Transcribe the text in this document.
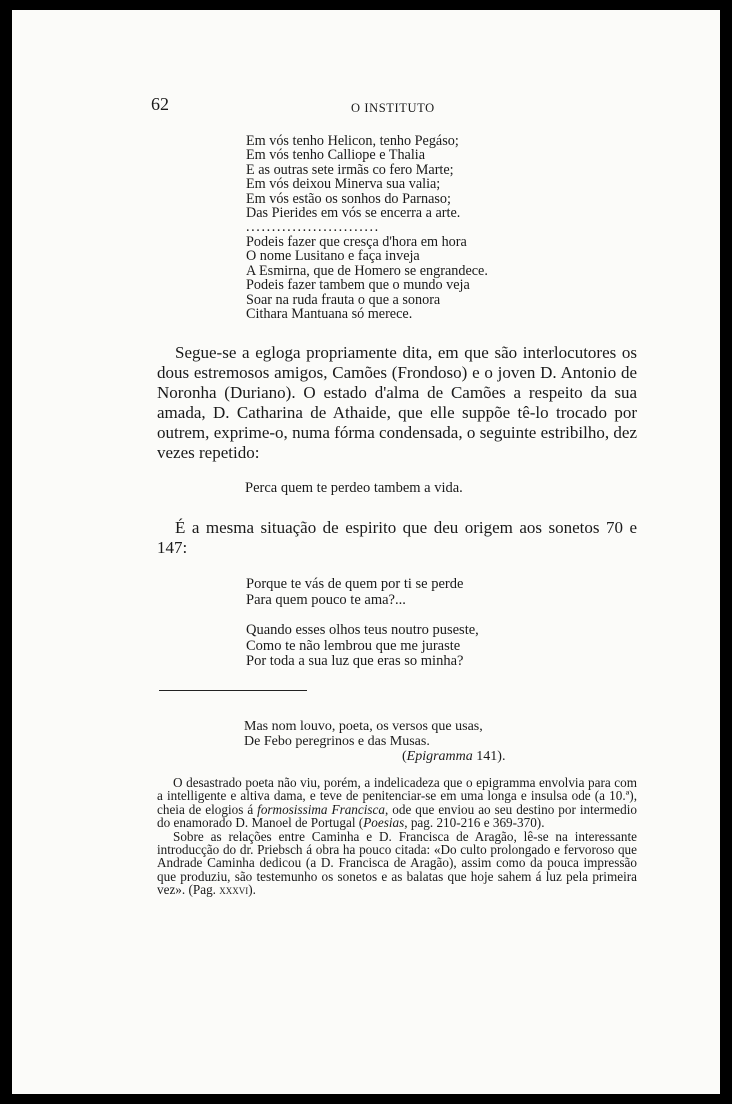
62	O INSTITUTO
Em vós tenho Helicon, tenho Pegáso;
Em vós tenho Calliope e Thalia
E as outras sete irmãs co fero Marte;
Em vós deixou Minerva sua valia;
Em vós estão os sonhos do Parnaso;
Das Pierides em vós se encerra a arte.
..........................
Podeis fazer que cresça d'hora em hora
O nome Lusitano e faça inveja
A Esmirna, que de Homero se engrandece.
Podeis fazer tambem que o mundo veja
Soar na ruda frauta o que a sonora
Cithara Mantuana só merece.

Segue-se a egloga propriamente dita, em que são interlocutores os dous estremosos amigos, Camões (Frondoso) e o joven D. Antonio de Noronha (Duriano). O estado d'alma de Camões a respeito da sua amada, D. Catharina de Athaide, que elle suppõe tê-lo trocado por outrem, exprime-o, numa fórma condensada, o seguinte estribilho, dez vezes repetido:

Perca quem te perdeo tambem a vida.

É a mesma situação de espirito que deu origem aos sonetos 70 e 147:

Porque te vás de quem por ti se perde
Para quem pouco te ama?...
Quando esses olhos teus noutro puseste,
Como te não lembrou que me juraste
Por toda a sua luz que eras so minha?
Mas nom louvo, poeta, os versos que usas,
De Febo peregrinos e das Musas.
(Epigramma 141).

O desastrado poeta não viu, porém, a indelicadeza que o epigramma envolvia para com a intelligente e altiva dama, e teve de penitenciar-se em uma longa e insulsa ode (a 10.ª), cheia de elogios á formosissima Francisca, ode que enviou ao seu destino por intermedio do enamorado D. Manoel de Portugal (Poesias, pag. 210-216 e 369-370).

Sobre as relações entre Caminha e D. Francisca de Aragão, lê-se na interessante introducção do dr. Priebsch á obra ha pouco citada: «Do culto prolongado e fervoroso que Andrade Caminha dedicou (a D. Francisca de Aragão), assim como da pouca impressão que produziu, são testemunho os sonetos e as balatas que hoje sahem á luz pela primeira vez». (Pag. xxxvi).
